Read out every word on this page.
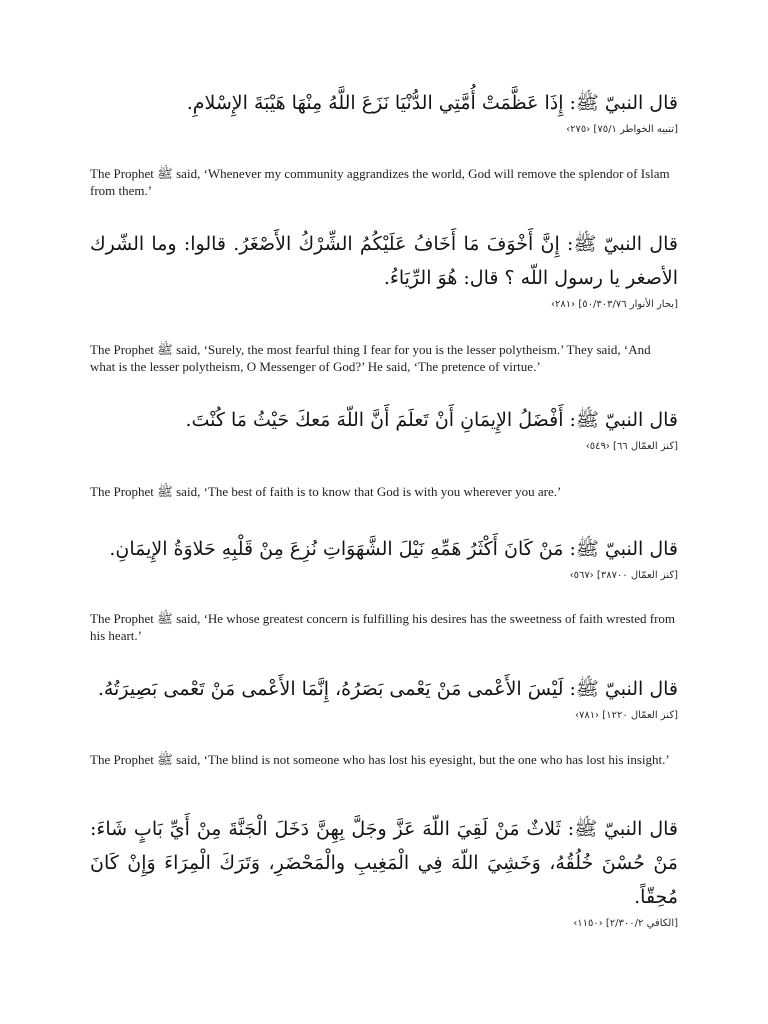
قال النبيّ ﷺ: إِذَا عَظَّمَتْ أُمَّتِي الدُّنْيَا نَزَعَ اللَّهُ مِنْهَا هَيْبَةَ الإِسْلامِ.
[تنبيه الخواطر ٧٥/١] ‹٢٧٥›
The Prophet ﷺ said, ‘Whenever my community aggrandizes the world, God will remove the splendor of Islam from them.’
قال النبيّ ﷺ: إِنَّ أَخْوَفَ مَا أَخَافُ عَلَيْكُمُ الشِّرْكُ الأَصْغَرُ. قالوا: وما الشّرك الأصغر يا رسول اللّه ؟ قال: هُوَ الرِّيَاءُ.
[بحار الأنوار ٥٠/٣٠٣/٧٦] ‹٢٨١›
The Prophet ﷺ said, ‘Surely, the most fearful thing I fear for you is the lesser polytheism.’ They said, ‘And what is the lesser polytheism, O Messenger of God?’ He said, ‘The pretence of virtue.’
قال النبيّ ﷺ: أَفْضَلُ الإِيمَانِ أَنْ تَعلَمَ أَنَّ اللّهَ مَعكَ حَيْثُ مَا كُنْتَ.
[كنز العمّال ٦٦] ‹٥٤٩›
The Prophet ﷺ said, ‘The best of faith is to know that God is with you wherever you are.’
قال النبيّ ﷺ: مَنْ كَانَ أَكْثَرُ هَمِّهِ نَيْلَ الشَّهَوَاتِ نُزِعَ مِنْ قَلْبِهِ حَلاوَةُ الإِيمَانِ.
[كنز العمّال ٣٨٧٠٠] ‹٥٦٧›
The Prophet ﷺ said, ‘He whose greatest concern is fulfilling his desires has the sweetness of faith wrested from his heart.’
قال النبيّ ﷺ: لَيْسَ الأَعْمى مَنْ يَعْمى بَصَرُهُ، إِنَّمَا الأَعْمى مَنْ تَعْمى بَصِيرَتُهُ.
[كنز العمّال ١٢٢٠] ‹٧٨١›
The Prophet ﷺ said, ‘The blind is not someone who has lost his eyesight, but the one who has lost his insight.’
قال النبيّ ﷺ: ثَلاثٌ مَنْ لَقِيَ اللّهَ عَزَّ وجَلَّ بِهِنَّ دَخَلَ الْجَنَّةَ مِنْ أَيِّ بَابٍ شَاءَ: مَنْ حُسْنَ خُلُقُهُ، وَخَشِيَ اللّهَ فِي الْمَغِيبِ والْمَحْضَرِ، وَتَرَكَ الْمِرَاءَ وَإِنْ كَانَ مُحِقّاً.
[الكافي ٢/٣٠٠/٢] ‹١١٥٠›
